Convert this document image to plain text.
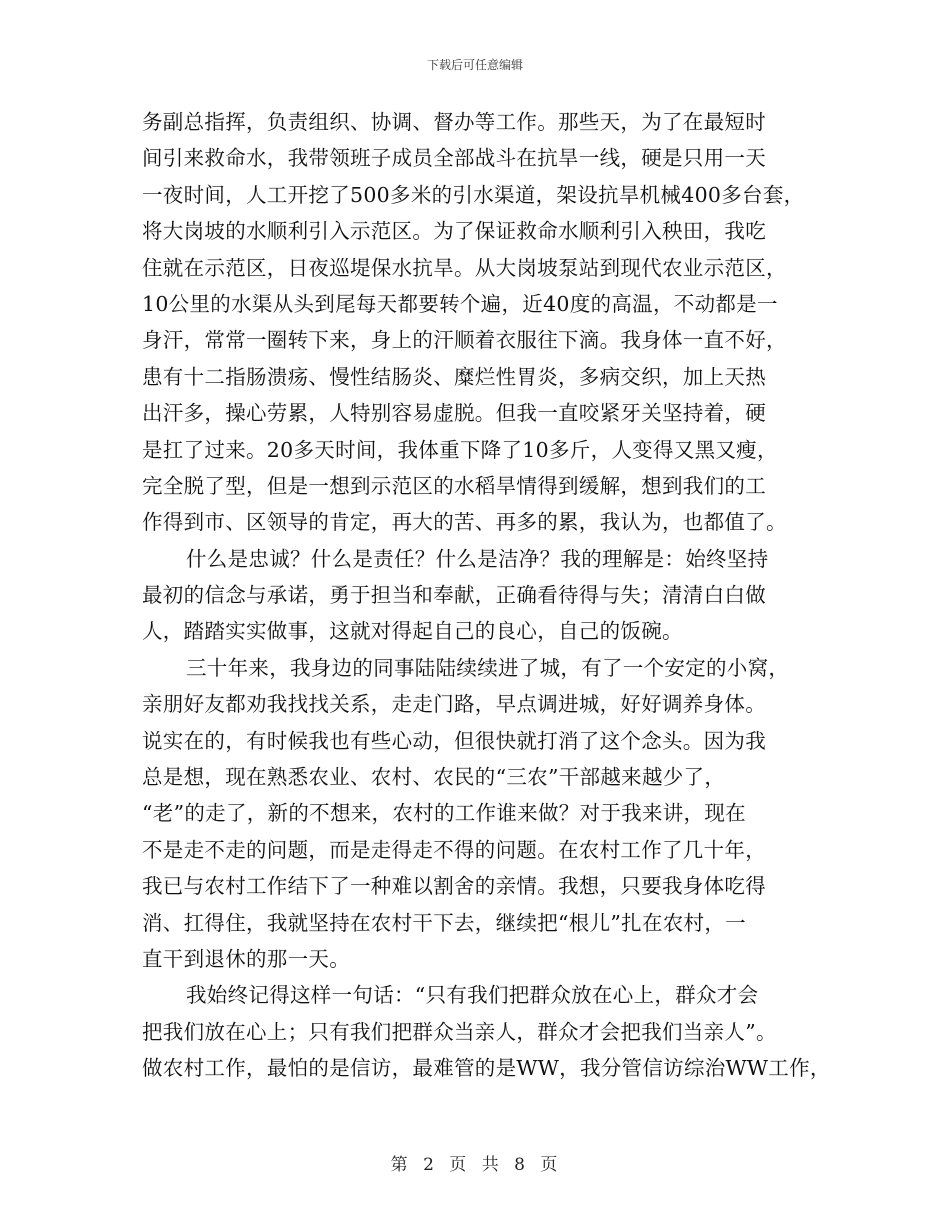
下载后可任意编辑
务副总指挥，负责组织、协调、督办等工作。那些天，为了在最短时
间引来救命水，我带领班子成员全部战斗在抗旱一线，硬是只用一天
一夜时间，人工开挖了500多米的引水渠道，架设抗旱机械400多台套，
将大岗坡的水顺利引入示范区。为了保证救命水顺利引入秧田，我吃
住就在示范区，日夜巡堤保水抗旱。从大岗坡泵站到现代农业示范区，
10公里的水渠从头到尾每天都要转个遍，近40度的高温，不动都是一
身汗，常常一圈转下来，身上的汗顺着衣服往下滴。我身体一直不好，
患有十二指肠溃疡、慢性结肠炎、糜烂性胃炎，多病交织，加上天热
出汗多，操心劳累，人特别容易虚脱。但我一直咬紧牙关坚持着，硬
是扛了过来。20多天时间，我体重下降了10多斤，人变得又黑又瘦，
完全脱了型，但是一想到示范区的水稻旱情得到缓解，想到我们的工
作得到市、区领导的肯定，再大的苦、再多的累，我认为，也都值了。
什么是忠诚？什么是责任？什么是洁净？我的理解是：始终坚持
最初的信念与承诺，勇于担当和奉献，正确看待得与失；清清白白做
人，踏踏实实做事，这就对得起自己的良心，自己的饭碗。
三十年来，我身边的同事陆陆续续进了城，有了一个安定的小窝，
亲朋好友都劝我找找关系，走走门路，早点调进城，好好调养身体。
说实在的，有时候我也有些心动，但很快就打消了这个念头。因为我
总是想，现在熟悉农业、农村、农民的“三农”干部越来越少了，
“老”的走了，新的不想来，农村的工作谁来做？对于我来讲，现在
不是走不走的问题，而是走得走不得的问题。在农村工作了几十年，
我已与农村工作结下了一种难以割舍的亲情。我想，只要我身体吃得
消、扛得住，我就坚持在农村干下去，继续把“根儿”扎在农村，一
直干到退休的那一天。
我始终记得这样一句话：“只有我们把群众放在心上，群众才会
把我们放在心上；只有我们把群众当亲人，群众才会把我们当亲人”。
做农村工作，最怕的是信访，最难管的是WW，我分管信访综治WW工作，
第 2 页 共 8 页
